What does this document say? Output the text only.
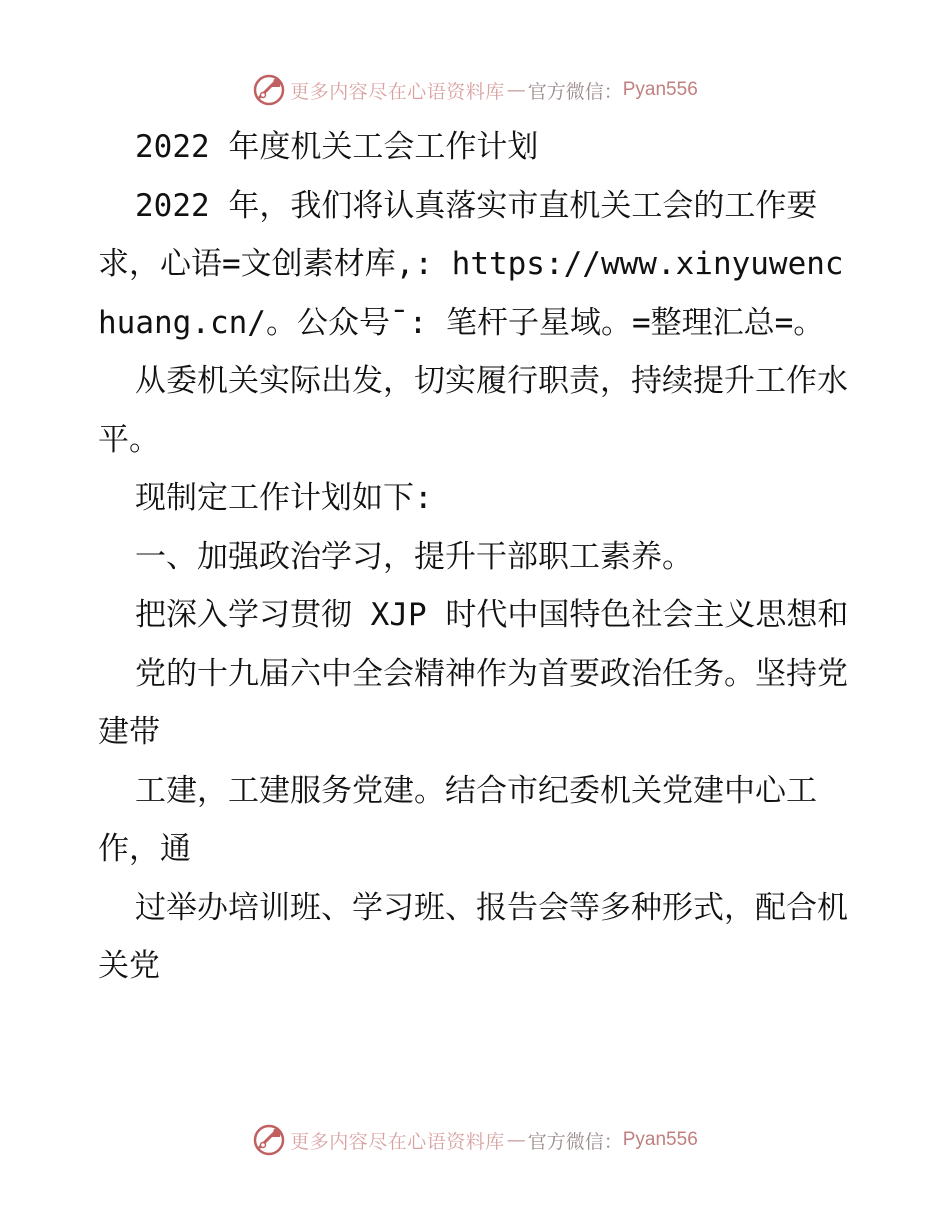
更多内容尽在心语资料库 — 官方微信： Pyan556

2022 年度机关工会工作计划

2022 年，我们将认真落实市直机关工会的工作要求，心语=文创素材库,: https://www.xinyuwenchuang.cn/。公众号¯: 笔杆子星域。=整理汇总=。

从委机关实际出发，切实履行职责，持续提升工作水平。

现制定工作计划如下:

一、加强政治学习，提升干部职工素养。

把深入学习贯彻 XJP 时代中国特色社会主义思想和

党的十九届六中全会精神作为首要政治任务。坚持党建带

工建，工建服务党建。结合市纪委机关党建中心工作，通

过举办培训班、学习班、报告会等多种形式，配合机关党

更多内容尽在心语资料库 — 官方微信： Pyan556
